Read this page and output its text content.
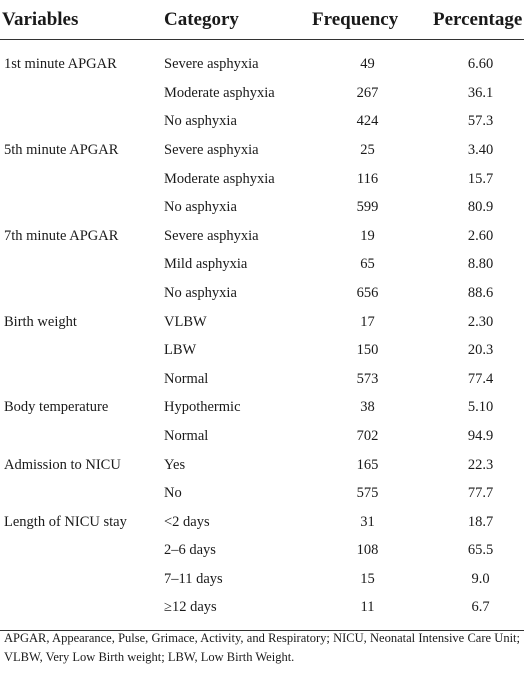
Variables	Category	Frequency	Percentage
1st minute APGAR	Severe asphyxia	49	6.60
	Moderate asphyxia	267	36.1
	No asphyxia	424	57.3
5th minute APGAR	Severe asphyxia	25	3.40
	Moderate asphyxia	116	15.7
	No asphyxia	599	80.9
7th minute APGAR	Severe asphyxia	19	2.60
	Mild asphyxia	65	8.80
	No asphyxia	656	88.6
Birth weight	VLBW	17	2.30
	LBW	150	20.3
	Normal	573	77.4
Body temperature	Hypothermic	38	5.10
	Normal	702	94.9
Admission to NICU	Yes	165	22.3
	No	575	77.7
Length of NICU stay	<2 days	31	18.7
	2–6 days	108	65.5
	7–11 days	15	9.0
	≥12 days	11	6.7
APGAR, Appearance, Pulse, Grimace, Activity, and Respiratory; NICU, Neonatal Intensive Care Unit; VLBW, Very Low Birth weight; LBW, Low Birth Weight.
